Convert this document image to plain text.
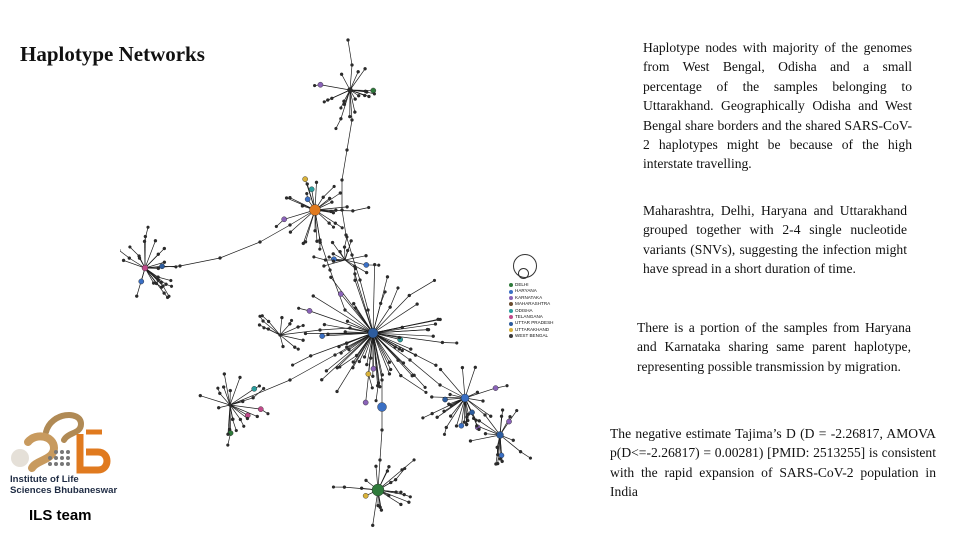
Haplotype Networks
DELHI
HARYANA
KARNATAKA
MAHARASHTRA
ODISHA
TELANGANA
UTTAR PRADESH
UTTARAKHAND
WEST BENGAL
Haplotype nodes with majority of the genomes from West Bengal, Odisha and a small percentage of the samples belonging to Uttarakhand. Geographically Odisha and West Bengal share borders and the shared SARS-CoV-2 haplotypes might be because of the high interstate travelling.
Maharashtra, Delhi, Haryana and Uttarakhand grouped together with 2-4 single nucleotide variants (SNVs), suggesting the infection might have spread in a short duration of time.
There is a portion of the samples from Haryana and Karnataka sharing same parent haplotype, representing possible transmission by migration.
The negative estimate Tajima’s D (D = -2.26817, AMOVA p(D<=-2.26817) = 0.00281) [PMID: 2513255] is consistent with the rapid expansion of SARS-CoV-2 population in India
Institute of Life
Sciences Bhubaneswar
ILS team
